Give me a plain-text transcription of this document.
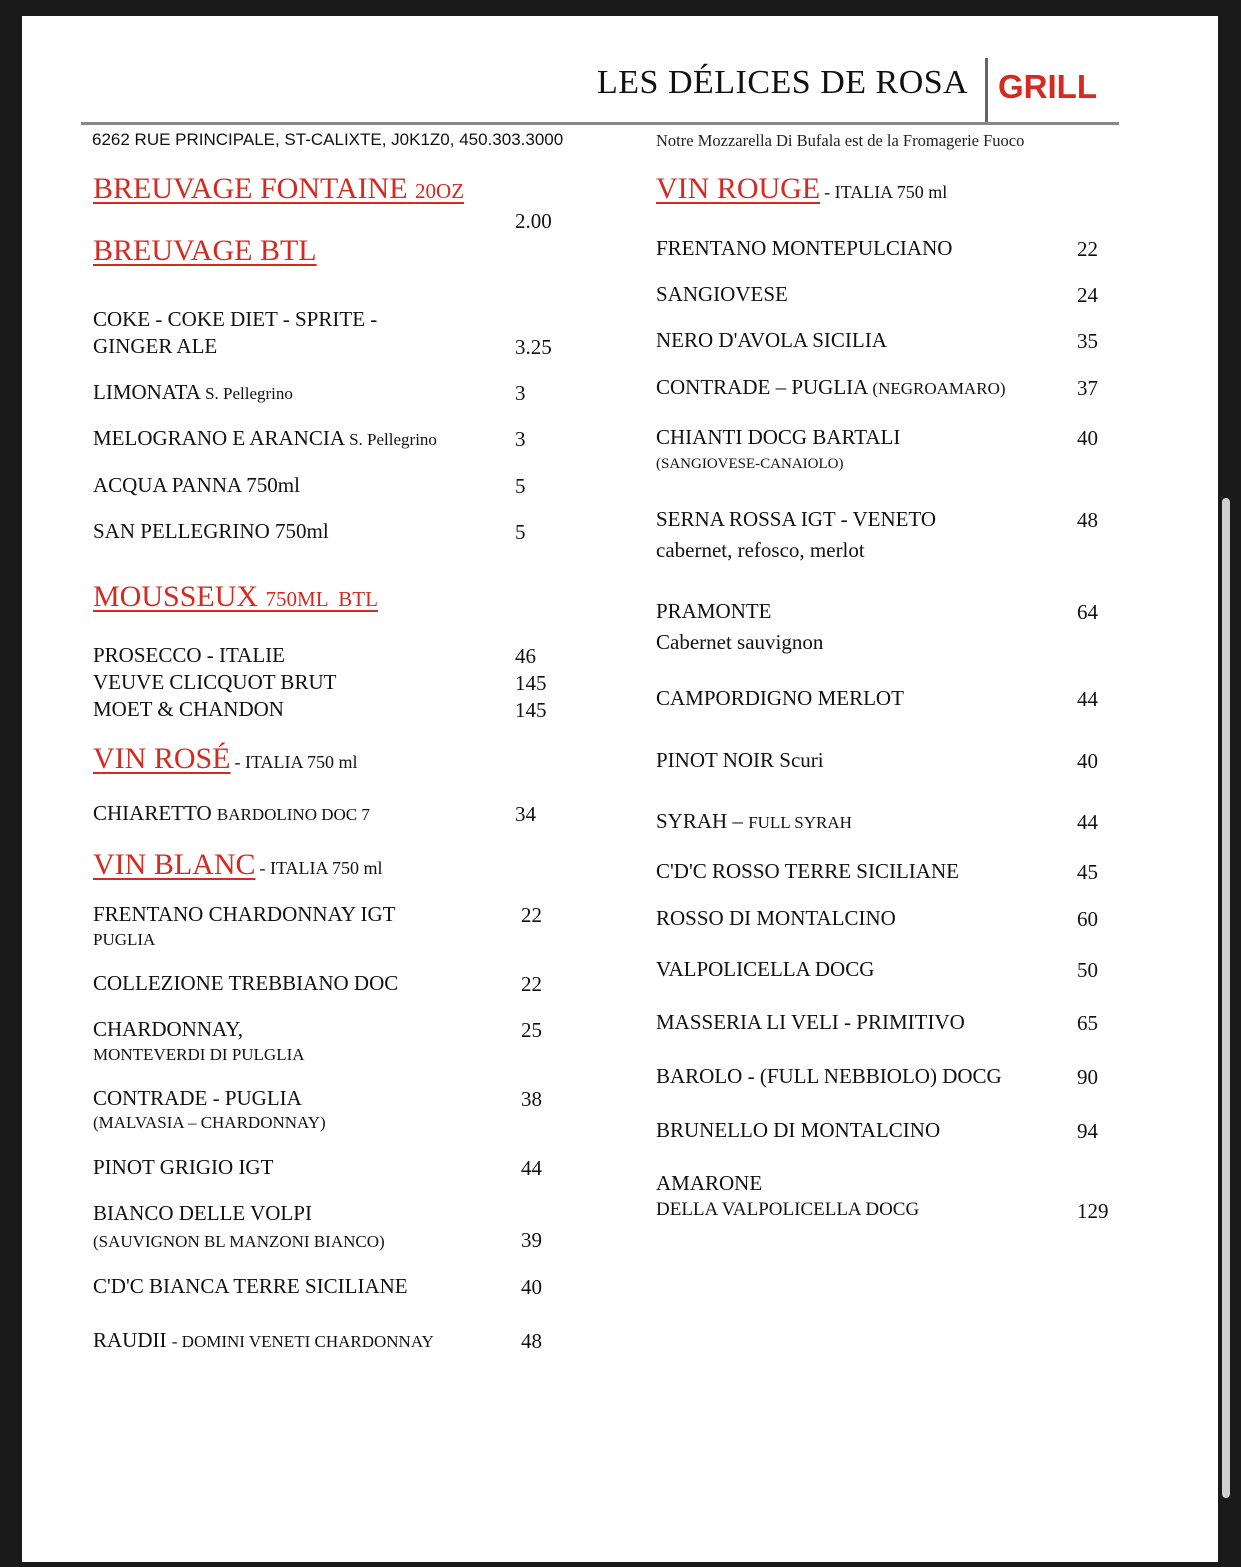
LES DÉLICES DE ROSA GRILL
6262 RUE PRINCIPALE, ST-CALIXTE, J0K1Z0, 450.303.3000	Notre Mozzarella Di Bufala est de la Fromagerie Fuoco
BREUVAGE FONTAINE 20OZ
2.00
BREUVAGE BTL
COKE - COKE DIET - SPRITE -
GINGER ALE	3.25
LIMONATA S. Pellegrino	3
MELOGRANO E ARANCIA S. Pellegrino	3
ACQUA PANNA 750ml	5
SAN PELLEGRINO 750ml	5
MOUSSEUX 750ML  BTL
PROSECCO - ITALIE	46
VEUVE CLICQUOT BRUT	145
MOET & CHANDON	145
VIN ROSÉ - ITALIA 750 ml
CHIARETTO BARDOLINO DOC 7	34
VIN BLANC - ITALIA 750 ml
FRENTANO CHARDONNAY IGT
PUGLIA
22
COLLEZIONE TREBBIANO DOC	22
CHARDONNAY,
MONTEVERDI DI PULGLIA
25
CONTRADE - PUGLIA
(MALVASIA – CHARDONNAY)
38
PINOT GRIGIO IGT	44
BIANCO DELLE VOLPI
(SAUVIGNON BL MANZONI BIANCO)	39
C'D'C BIANCA TERRE SICILIANE	40
RAUDII - DOMINI VENETI CHARDONNAY	48
VIN ROUGE - ITALIA 750 ml
FRENTANO MONTEPULCIANO	22
SANGIOVESE	24
NERO D'AVOLA SICILIA	35
CONTRADE – PUGLIA (NEGROAMARO)	37
CHIANTI DOCG BARTALI
(SANGIOVESE-CANAIOLO)
40
SERNA ROSSA IGT - VENETO
cabernet, refosco, merlot
48
PRAMONTE
Cabernet sauvignon
64
CAMPORDIGNO MERLOT	44
PINOT NOIR Scuri	40
SYRAH – FULL SYRAH	44
C'D'C ROSSO TERRE SICILIANE	45
ROSSO DI MONTALCINO	60
VALPOLICELLA DOCG	50
MASSERIA LI VELI - PRIMITIVO	65
BAROLO - (FULL NEBBIOLO) DOCG	90
BRUNELLO DI MONTALCINO	94
AMARONE
DELLA VALPOLICELLA DOCG	129
